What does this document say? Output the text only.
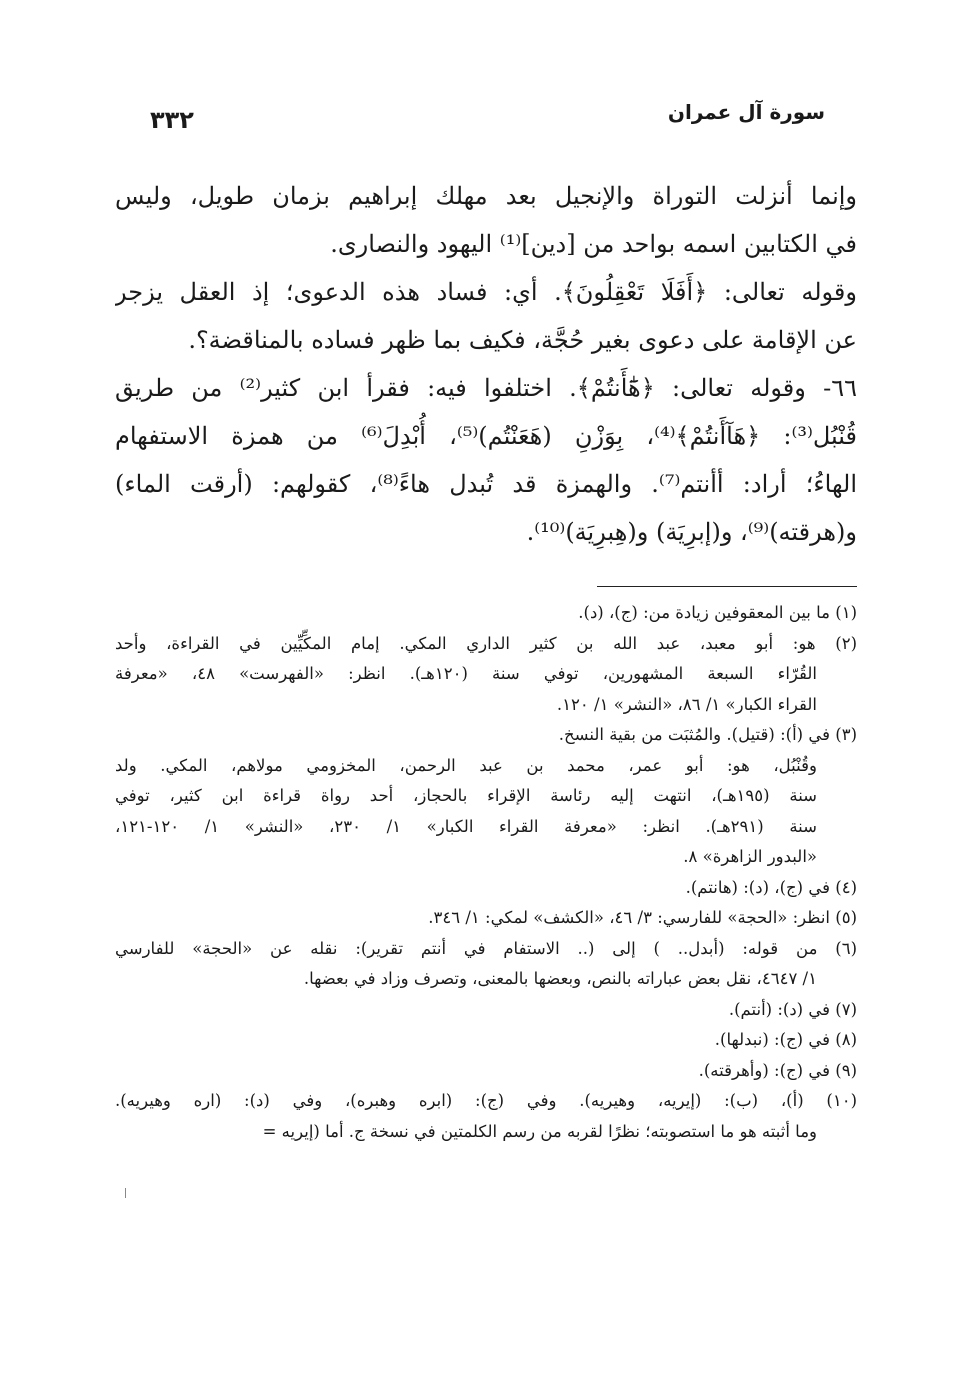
سورة آل عمران
٣٣٢
وإنما أنزلت التوراة والإنجيل بعد مهلك إبراهيم بزمان طويل، وليس
في الكتابين اسمه بواحد من [دين]⁽¹⁾ اليهود والنصارى.
وقوله تعالى: ﴿أَفَلَا تَعْقِلُونَ﴾. أي: فساد هذه الدعوى؛ إذ العقل يزجر
عن الإقامة على دعوى بغير حُجَّة، فكيف بما ظهر فساده بالمناقضة؟.
٦٦- وقوله تعالى: ﴿هَٰٓأَنتُمْ﴾. اختلفوا فيه: فقرأ ابن كثير⁽²⁾ من طريق
قُنْبُل⁽³⁾: ﴿هَآأَنتُمْ﴾⁽⁴⁾، بِوَزْنِ (هَعَنْتُم)⁽⁵⁾، أُبْدِلَ⁽⁶⁾ من همزة الاستفهام
الهاءُ؛ أراد: أأنتم⁽⁷⁾. والهمزة قد تُبدل هاءً⁽⁸⁾، كقولهم: (أرقت الماء)
و(هرقته)⁽⁹⁾، و(إبرِيَة) و(هِبرِيَة)⁽¹⁰⁾.
(١) ما بين المعقوفين زيادة من: (ج)، (د).
(٢) هو: أبو معبد، عبد الله بن كثير الداري المكي. إمام المكِّيِّين في القراءة، وأحد
القُرّاء السبعة المشهورين، توفي سنة (١٢٠هـ). انظر: «الفهرست» ٤٨، «معرفة
القراء الكبار» ١/ ٨٦، «النشر» ١/ ١٢٠.
(٣) في (أ): (قتيل). والمُثبَت من بقية النسخ.
وقُنْبُل، هو: أبو عمر، محمد بن عبد الرحمن، المخزومي مولاهم، المكي. ولد
سنة (١٩٥هـ)، انتهت إليه رئاسة الإقراء بالحجاز، أحد رواة قراءة ابن كثير، توفي
سنة (٢٩١هـ). انظر: «معرفة القراء الكبار» ١/ ٢٣٠، «النشر» ١/ ١٢٠-١٢١،
«البدور الزاهرة» ٨.
(٤) في (ج)، (د): (هانتم).
(٥) انظر: «الحجة» للفارسي: ٣/ ٤٦، «الكشف» لمكي: ١/ ٣٤٦.
(٦) من قوله: (أبدل.. ) إلى (.. الاستفام في أنتم تقرير): نقله عن «الحجة» للفارسي
١/ ٤٦٤٧، نقل بعض عباراته بالنص، وبعضها بالمعنى، وتصرف وزاد في بعضها.
(٧) في (د): (أنتم).
(٨) في (ج): (نبدلها).
(٩) في (ج): (وأهرقته).
(١٠) (أ)، (ب): (إيريه، وهيريه). وفي (ج): (ابره وهبره)، وفي (د): (اره وهيريه).
وما أثبته هو ما استصوبته؛ نظرًا لقربه من رسم الكلمتين في نسخة ج. أما (إيريه =
